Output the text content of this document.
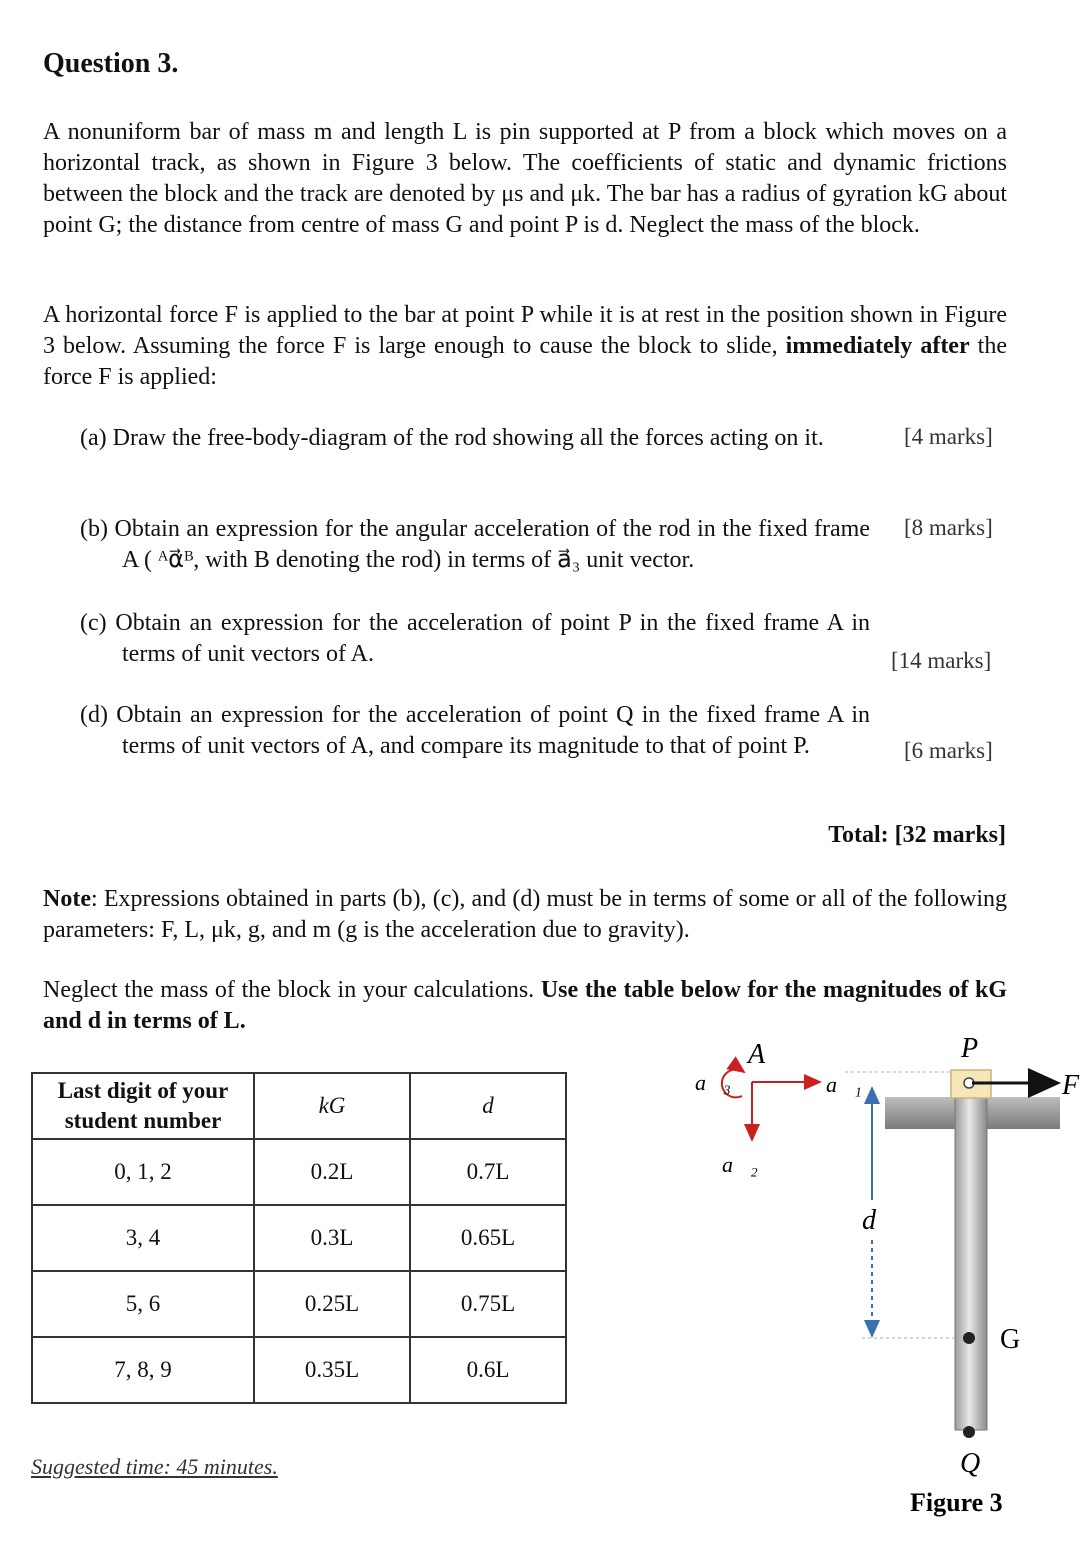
Question 3.
A nonuniform bar of mass m and length L is pin supported at P from a block which moves on a horizontal track, as shown in Figure 3 below. The coefficients of static and dynamic frictions between the block and the track are denoted by μs and μk. The bar has a radius of gyration kG about point G; the distance from centre of mass G and point P is d. Neglect the mass of the block.
A horizontal force F is applied to the bar at point P while it is at rest in the position shown in Figure 3 below. Assuming the force F is large enough to cause the block to slide, immediately after the force F is applied:
(a) Draw the free-body-diagram of the rod showing all the forces acting on it.	[4 marks]
(b) Obtain an expression for the angular acceleration of the rod in the fixed frame A ( ᴬα⃗ᴮ, with B denoting the rod) in terms of a⃗₃ unit vector.
[8 marks]
(c) Obtain an expression for the acceleration of point P in the fixed frame A in terms of unit vectors of A.	[14 marks]
(d) Obtain an expression for the acceleration of point Q in the fixed frame A in terms of unit vectors of A, and compare its magnitude to that of point P.	[6 marks]
Total: [32 marks]
Note: Expressions obtained in parts (b), (c), and (d) must be in terms of some or all of the following parameters: F, L, μk, g, and m (g is the acceleration due to gravity).
Neglect the mass of the block in your calculations. Use the table below for the magnitudes of kG and d in terms of L.
Last digit of your student number	kG	d
0, 1, 2	0.2L	0.7L
3, 4	0.3L	0.65L
5, 6	0.25L	0.75L
7, 8, 9	0.35L	0.6L
Suggested time: 45 minutes.
A
a⃗₁
a⃗₂
a⃗₃
P
F
d
G
Q
Figure 3
